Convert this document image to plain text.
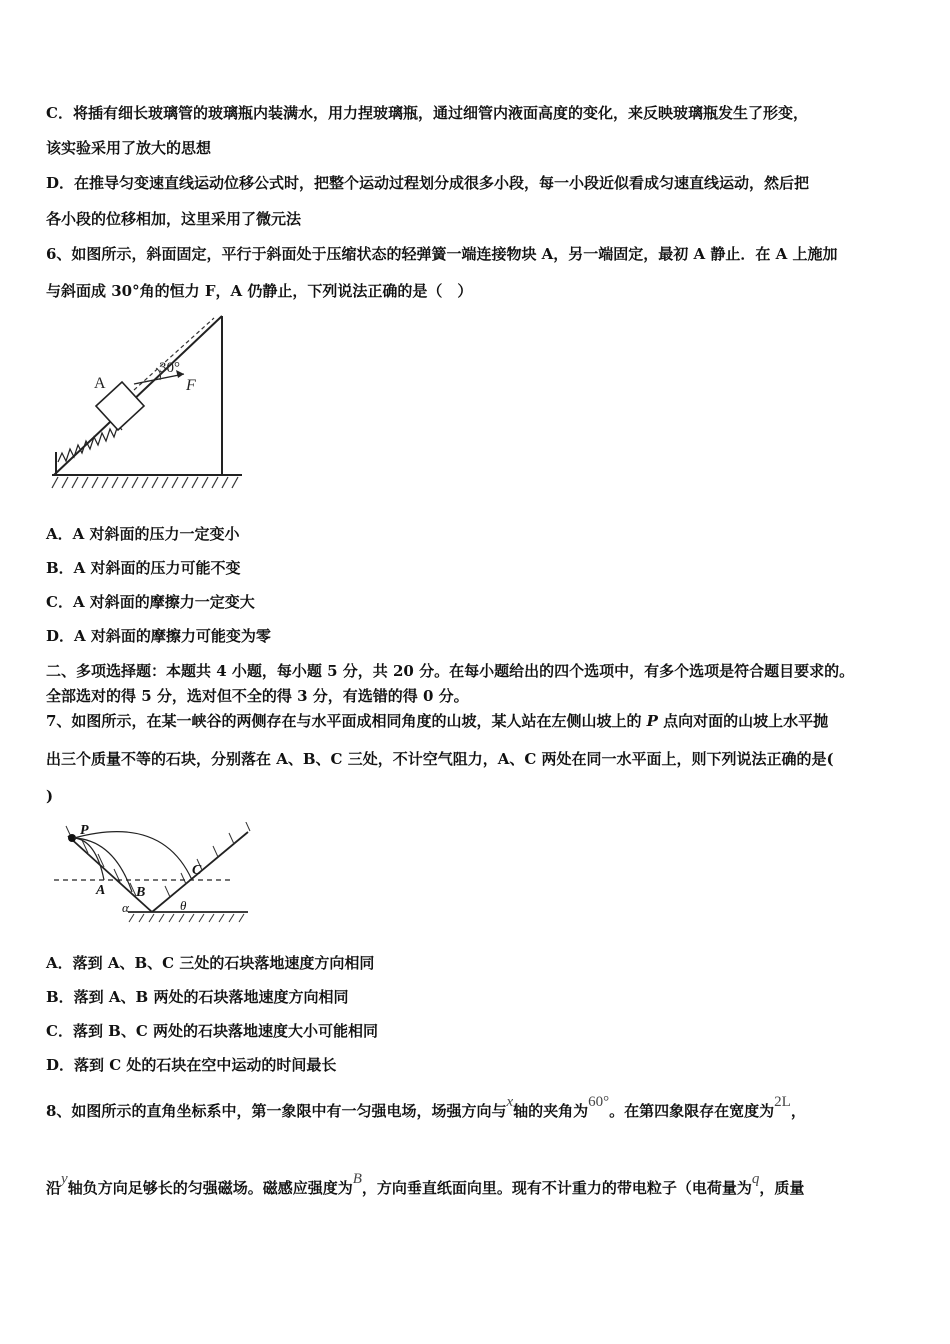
C．将插有细长玻璃管的玻璃瓶内装满水，用力捏玻璃瓶，通过细管内液面高度的变化，来反映玻璃瓶发生了形变，
该实验采用了放大的思想
D．在推导匀变速直线运动位移公式时，把整个运动过程划分成很多小段，每一小段近似看成匀速直线运动，然后把
各小段的位移相加，这里采用了微元法
6、如图所示，斜面固定，平行于斜面处于压缩状态的轻弹簧一端连接物块 A，另一端固定，最初 A 静止．在 A 上施加
与斜面成 30°角的恒力 F，A 仍静止，下列说法正确的是（　）
A
30°
F
A．A 对斜面的压力一定变小
B．A 对斜面的压力可能不变
C．A 对斜面的摩擦力一定变大
D．A 对斜面的摩擦力可能变为零
二、多项选择题：本题共 4 小题，每小题 5 分，共 20 分。在每小题给出的四个选项中，有多个选项是符合题目要求的。
全部选对的得 5 分，选对但不全的得 3 分，有选错的得 0 分。
7、如图所示，在某一峡谷的两侧存在与水平面成相同角度的山坡，某人站在左侧山坡上的 P 点向对面的山坡上水平抛
出三个质量不等的石块，分别落在 A、B、C 三处，不计空气阻力，A、C 两处在同一水平面上，则下列说法正确的是(
)
P
A B
C
α	θ
A．落到 A、B、C 三处的石块落地速度方向相同
B．落到 A、B 两处的石块落地速度方向相同
C．落到 B、C 两处的石块落地速度大小可能相同
D．落到 C 处的石块在空中运动的时间最长
8、如图所示的直角坐标系中，第一象限中有一匀强电场，场强方向与x轴的夹角为60°。在第四象限存在宽度为2L，
沿y轴负方向足够长的匀强磁场。磁感应强度为B，方向垂直纸面向里。现有不计重力的带电粒子（电荷量为q，质量
